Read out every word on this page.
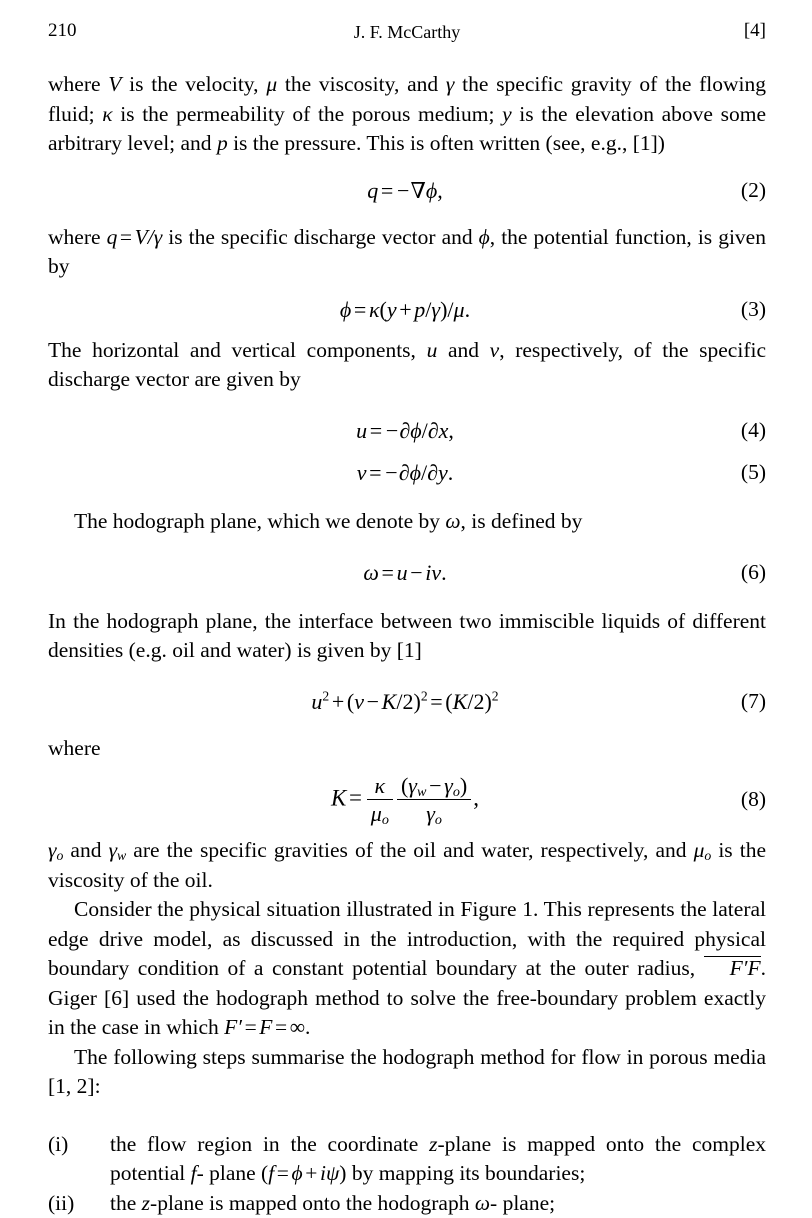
210	J. F. McCarthy	[4]

where V is the velocity, μ the viscosity, and γ the specific gravity of the flowing fluid; κ is the permeability of the porous medium; y is the elevation above some arbitrary level; and p is the pressure. This is often written (see, e.g., [1])

q = −∇ϕ,	(2)

where q = V/γ is the specific discharge vector and ϕ, the potential function, is given by

ϕ = κ(y + p/γ)/μ.	(3)

The horizontal and vertical components, u and v, respectively, of the specific discharge vector are given by

u = −∂ϕ/∂x,	(4)
v = −∂ϕ/∂y.	(5)

The hodograph plane, which we denote by ω, is defined by

ω = u − iv.	(6)

In the hodograph plane, the interface between two immiscible liquids of different densities (e.g. oil and water) is given by [1]

$u^2 + (v - K/2)^2 = (K/2)^2$	(7)

where

$K = \frac{\kappa}{\mu_o} \frac{(\gamma_w - \gamma_o)}{\gamma_o}$ ,	(8)

$\gamma_o$ and $\gamma_w$ are the specific gravities of the oil and water, respectively, and $\mu_o$ is the viscosity of the oil.

Consider the physical situation illustrated in Figure 1. This represents the lateral edge drive model, as discussed in the introduction, with the required physical boundary condition of a constant potential boundary at the outer radius, F′F. Giger [6] used the hodograph method to solve the free-boundary problem exactly in the case in which F′ = F = ∞.

The following steps summarise the hodograph method for flow in porous media [1, 2]:

(i) the flow region in the coordinate z-plane is mapped onto the complex potential f- plane (f = ϕ + iψ) by mapping its boundaries;
(ii) the z-plane is mapped onto the hodograph ω- plane;
